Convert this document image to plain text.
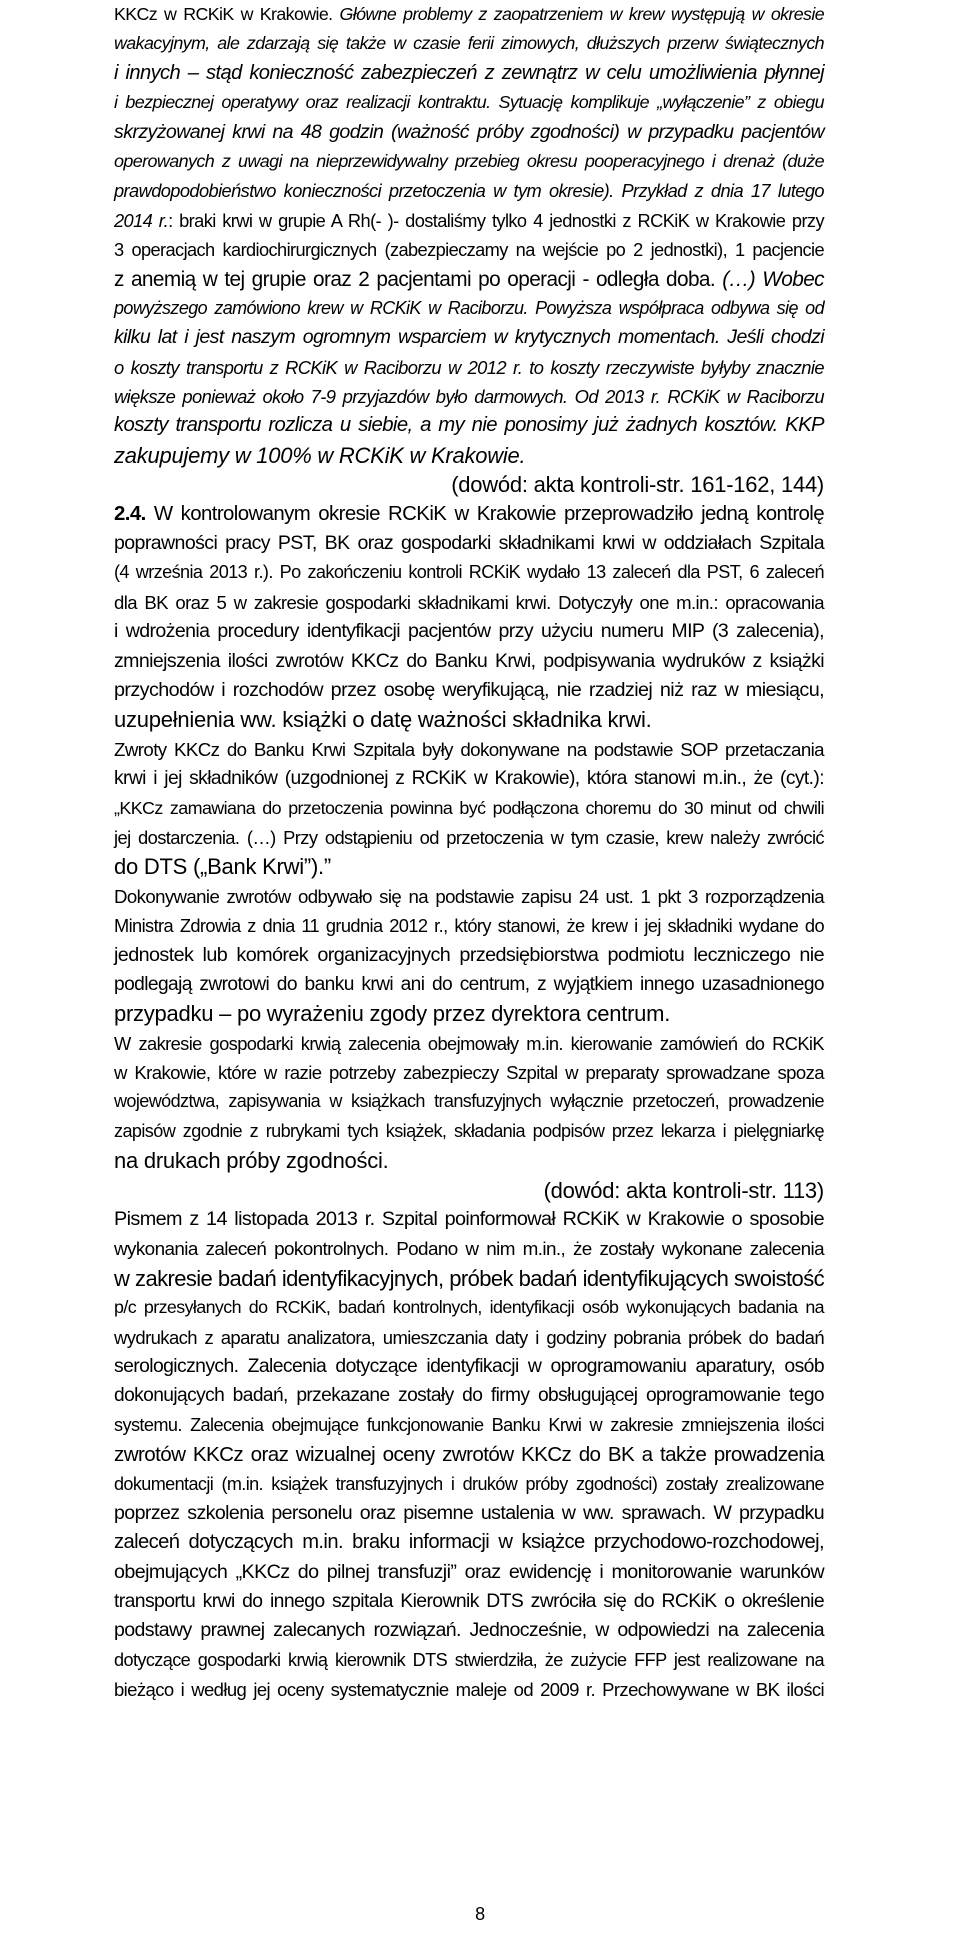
KKCz w RCKiK w Krakowie. Główne problemy z zaopatrzeniem w krew występują w okresie
wakacyjnym, ale zdarzają się także w czasie ferii zimowych, dłuższych przerw świątecznych
i innych – stąd konieczność zabezpieczeń z zewnątrz w celu umożliwienia płynnej
i bezpiecznej operatywy oraz realizacji kontraktu. Sytuację komplikuje „wyłączenie” z obiegu
skrzyżowanej krwi na 48 godzin (ważność próby zgodności) w przypadku pacjentów
operowanych z uwagi na nieprzewidywalny przebieg okresu pooperacyjnego i drenaż (duże
prawdopodobieństwo konieczności przetoczenia w tym okresie). Przykład z dnia 17 lutego
2014 r.: braki krwi w grupie A Rh(- )- dostaliśmy tylko 4 jednostki z RCKiK w Krakowie przy
3 operacjach kardiochirurgicznych (zabezpieczamy na wejście po 2 jednostki), 1 pacjencie
z anemią w tej grupie oraz 2 pacjentami po operacji - odległa doba. (…) Wobec
powyższego zamówiono krew w RCKiK w Raciborzu. Powyższa współpraca odbywa się od
kilku lat i jest naszym ogromnym wsparciem w krytycznych momentach. Jeśli chodzi
o koszty transportu z RCKiK w Raciborzu w 2012 r. to koszty rzeczywiste byłyby znacznie
większe ponieważ około 7-9 przyjazdów było darmowych. Od 2013 r. RCKiK w Raciborzu
koszty transportu rozlicza u siebie, a my nie ponosimy już żadnych kosztów. KKP
zakupujemy w 100% w RCKiK w Krakowie.
(dowód: akta kontroli-str. 161-162, 144)
2.4. W kontrolowanym okresie RCKiK w Krakowie przeprowadziło jedną kontrolę
poprawności pracy PST, BK oraz gospodarki składnikami krwi w oddziałach Szpitala
(4 września 2013 r.). Po zakończeniu kontroli RCKiK wydało 13 zaleceń dla PST, 6 zaleceń
dla BK oraz 5 w zakresie gospodarki składnikami krwi. Dotyczyły one m.in.: opracowania
i wdrożenia procedury identyfikacji pacjentów przy użyciu numeru MIP (3 zalecenia),
zmniejszenia ilości zwrotów KKCz do Banku Krwi, podpisywania wydruków z książki
przychodów i rozchodów przez osobę weryfikującą, nie rzadziej niż raz w miesiącu,
uzupełnienia ww. książki o datę ważności składnika krwi.
Zwroty KKCz do Banku Krwi Szpitala były dokonywane na podstawie SOP przetaczania
krwi i jej składników (uzgodnionej z RCKiK w Krakowie), która stanowi m.in., że (cyt.):
„KKCz zamawiana do przetoczenia powinna być podłączona choremu do 30 minut od chwili
jej dostarczenia. (…) Przy odstąpieniu od przetoczenia w tym czasie, krew należy zwrócić
do DTS („Bank Krwi”).”
Dokonywanie zwrotów odbywało się na podstawie zapisu 24 ust. 1 pkt 3 rozporządzenia
Ministra Zdrowia z dnia 11 grudnia 2012 r., który stanowi, że krew i jej składniki wydane do
jednostek lub komórek organizacyjnych przedsiębiorstwa podmiotu leczniczego nie
podlegają zwrotowi do banku krwi ani do centrum, z wyjątkiem innego uzasadnionego
przypadku – po wyrażeniu zgody przez dyrektora centrum.
W zakresie gospodarki krwią zalecenia obejmowały m.in. kierowanie zamówień do RCKiK
w Krakowie, które w razie potrzeby zabezpieczy Szpital w preparaty sprowadzane spoza
województwa, zapisywania w książkach transfuzyjnych wyłącznie przetoczeń, prowadzenie
zapisów zgodnie z rubrykami tych książek, składania podpisów przez lekarza i pielęgniarkę
na drukach próby zgodności.
(dowód: akta kontroli-str. 113)
Pismem z 14 listopada 2013 r. Szpital poinformował RCKiK w Krakowie o sposobie
wykonania zaleceń pokontrolnych. Podano w nim m.in., że zostały wykonane zalecenia
w zakresie badań identyfikacyjnych, próbek badań identyfikujących swoistość
p/c przesyłanych do RCKiK, badań kontrolnych, identyfikacji osób wykonujących badania na
wydrukach z aparatu analizatora, umieszczania daty i godziny pobrania próbek do badań
serologicznych. Zalecenia dotyczące identyfikacji w oprogramowaniu aparatury, osób
dokonujących badań, przekazane zostały do firmy obsługującej oprogramowanie tego
systemu. Zalecenia obejmujące funkcjonowanie Banku Krwi w zakresie zmniejszenia ilości
zwrotów KKCz oraz wizualnej oceny zwrotów KKCz do BK a także prowadzenia
dokumentacji (m.in. książek transfuzyjnych i druków próby zgodności) zostały zrealizowane
poprzez szkolenia personelu oraz pisemne ustalenia w ww. sprawach. W przypadku
zaleceń dotyczących m.in. braku informacji w książce przychodowo-rozchodowej,
obejmujących „KKCz do pilnej transfuzji” oraz ewidencję i monitorowanie warunków
transportu krwi do innego szpitala Kierownik DTS zwróciła się do RCKiK o określenie
podstawy prawnej zalecanych rozwiązań. Jednocześnie, w odpowiedzi na zalecenia
dotyczące gospodarki krwią kierownik DTS stwierdziła, że zużycie FFP jest realizowane na
bieżąco i według jej oceny systematycznie maleje od 2009 r. Przechowywane w BK ilości
8
